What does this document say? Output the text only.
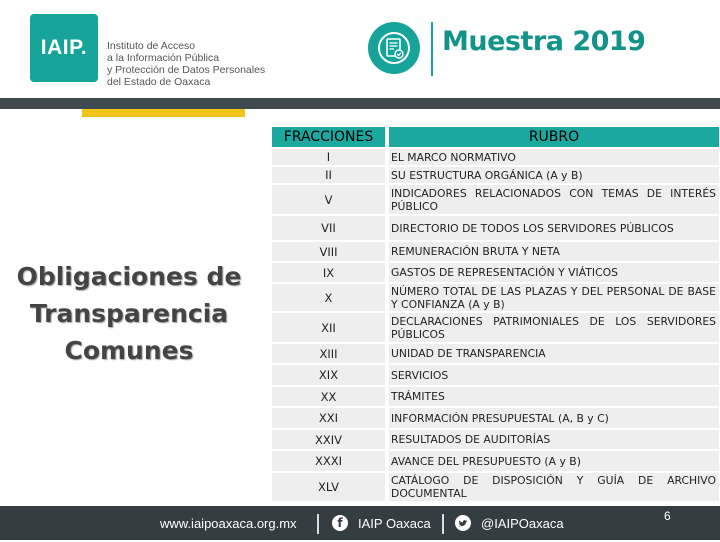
IAIP.	Instituto de Acceso
a la Información Pública
y Protección de Datos Personales
del Estado de Oaxaca
Muestra 2019
Obligaciones de
Transparencia
Comunes
FRACCIONES	RUBRO
I	EL MARCO NORMATIVO
II	SU ESTRUCTURA ORGÁNICA (A y B)
V	INDICADORES RELACIONADOS CON TEMAS DE INTERÉS PÚBLICO
VII	DIRECTORIO DE TODOS LOS SERVIDORES PÚBLICOS
VIII	REMUNERACIÓN BRUTA Y NETA
IX	GASTOS DE REPRESENTACIÓN Y VIÁTICOS
X	NÚMERO TOTAL DE LAS PLAZAS Y DEL PERSONAL DE BASE Y CONFIANZA (A y B)
XII	DECLARACIONES PATRIMONIALES DE LOS SERVIDORES PÚBLICOS
XIII	UNIDAD DE TRANSPARENCIA
XIX	SERVICIOS
XX	TRÁMITES
XXI	INFORMACIÓN PRESUPUESTAL (A, B y C)
XXIV	RESULTADOS DE AUDITORÍAS
XXXI	AVANCE DEL PRESUPUESTO (A y B)
XLV	CATÁLOGO DE DISPOSICIÓN Y GUÍA DE ARCHIVO DOCUMENTAL
www.iaipoaxaca.org.mx	f	IAIP Oaxaca	@IAIPOaxaca	6
